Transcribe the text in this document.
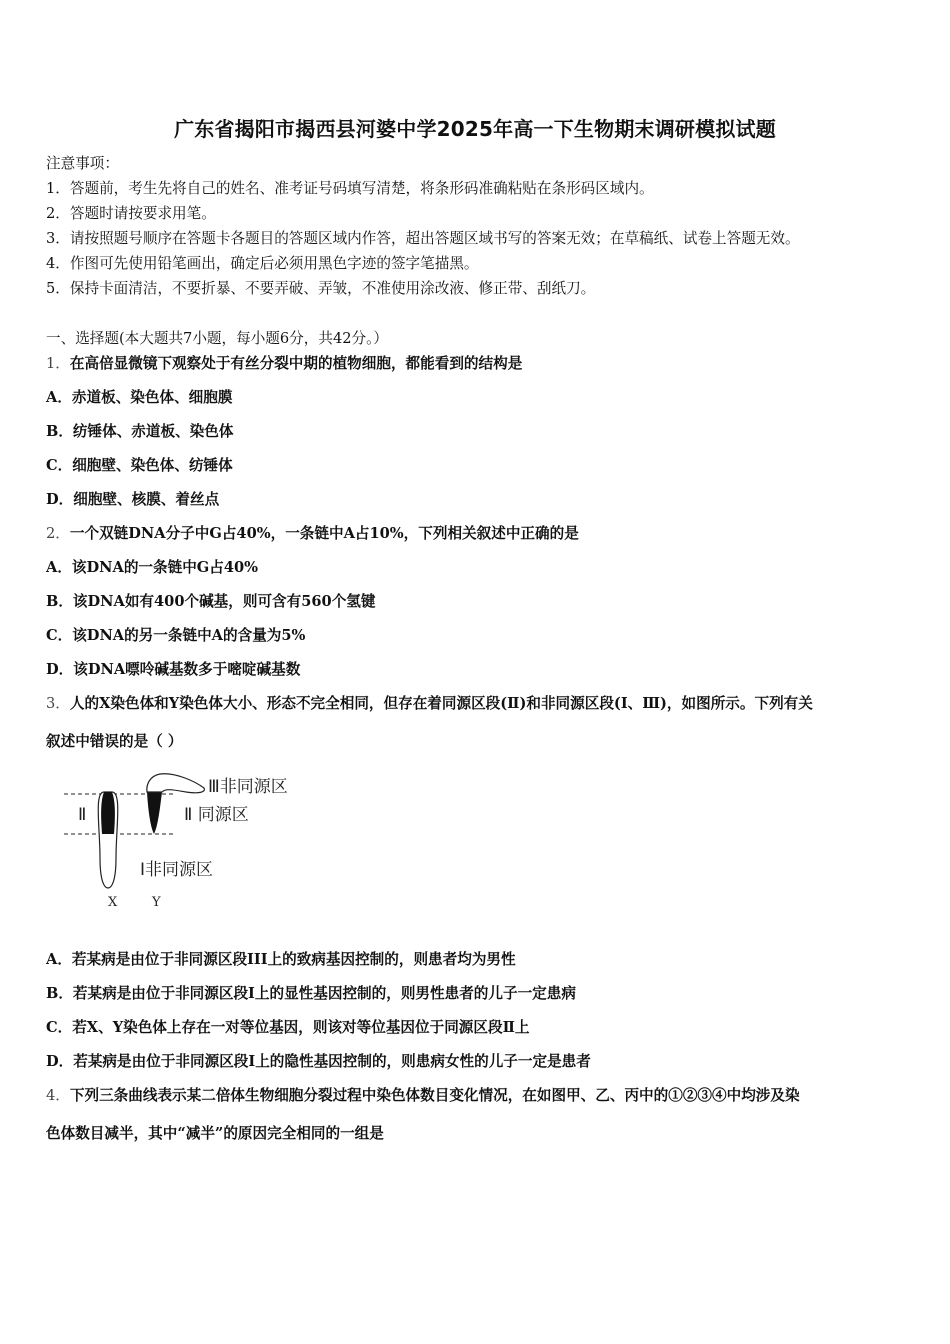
广东省揭阳市揭西县河婆中学2025年高一下生物期末调研模拟试题
注意事项：
1．答题前，考生先将自己的姓名、准考证号码填写清楚，将条形码准确粘贴在条形码区域内。
2．答题时请按要求用笔。
3．请按照题号顺序在答题卡各题目的答题区域内作答，超出答题区域书写的答案无效；在草稿纸、试卷上答题无效。
4．作图可先使用铅笔画出，确定后必须用黑色字迹的签字笔描黑。
5．保持卡面清洁，不要折暴、不要弄破、弄皱，不准使用涂改液、修正带、刮纸刀。
一、选择题(本大题共7小题，每小题6分，共42分。）
1．在高倍显微镜下观察处于有丝分裂中期的植物细胞，都能看到的结构是
A．赤道板、染色体、细胞膜
B．纺锤体、赤道板、染色体
C．细胞壁、染色体、纺锤体
D．细胞壁、核膜、着丝点
2．一个双链DNA分子中G占40%，一条链中A占10%，下列相关叙述中正确的是
A．该DNA的一条链中G占40%
B．该DNA如有400个碱基，则可含有560个氢键
C．该DNA的另一条链中A的含量为5%
D．该DNA嘌呤碱基数多于嘧啶碱基数
3．人的X染色体和Y染色体大小、形态不完全相同，但存在着同源区段(Ⅱ)和非同源区段(Ⅰ、Ⅲ)，如图所示。下列有关
叙述中错误的是（ ）
Ⅲ非同源区
Ⅱ	Ⅱ 同源区
Ⅰ非同源区
X	Y
A．若某病是由位于非同源区段III上的致病基因控制的，则患者均为男性
B．若某病是由位于非同源区段Ⅰ上的显性基因控制的，则男性患者的儿子一定患病
C．若X、Y染色体上存在一对等位基因，则该对等位基因位于同源区段Ⅱ上
D．若某病是由位于非同源区段I上的隐性基因控制的，则患病女性的儿子一定是患者
4．下列三条曲线表示某二倍体生物细胞分裂过程中染色体数目变化情况，在如图甲、乙、丙中的①②③④中均涉及染
色体数目减半，其中“减半”的原因完全相同的一组是
